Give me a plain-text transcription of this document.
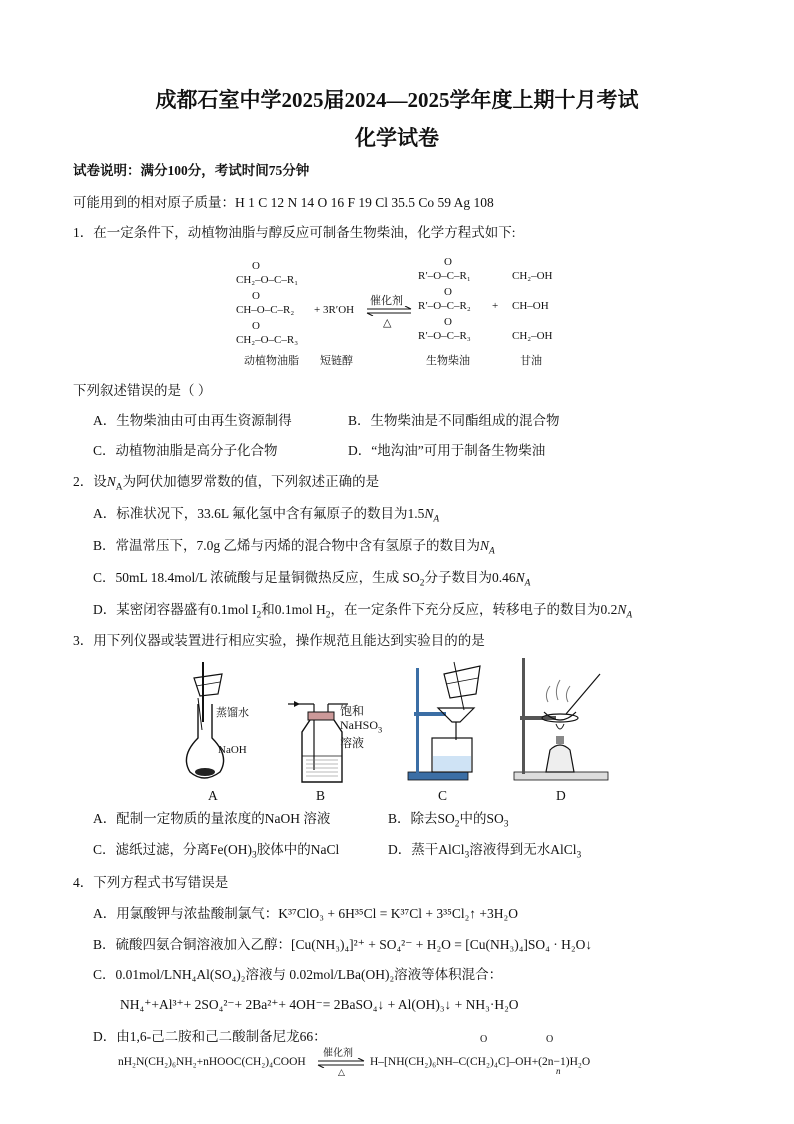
成都石室中学2025届2024—2025学年度上期十月考试
化学试卷
试卷说明：满分100分，考试时间75分钟
可能用到的相对原子质量：H 1 C 12 N 14 O 16 F 19 Cl 35.5 Co 59 Ag 108
1．在一定条件下，动植物油脂与醇反应可制备生物柴油，化学方程式如下:
O
CH₂–O–C–R₁
O
CH–O–C–R₂
O
CH₂–O–C–R₃
+ 3R′OH
催化剂
△
O
R′–O–C–R₁
O
R′–O–C–R₂
O
R′–O–C–R₃
+
CH₂–OH
CH–OH
CH₂–OH
动植物油脂 短链醇	生物柴油	甘油
下列叙述错误的是（ ）
A．生物柴油由可由再生资源制得	B．生物柴油是不同酯组成的混合物
C．动植物油脂是高分子化合物	D．“地沟油”可用于制备生物柴油
2．设$N_A$为阿伏加德罗常数的值，下列叙述正确的是
A．标准状况下，33.6L 氟化氢中含有氟原子的数目为$1.5N_A$
B．常温常压下，7.0g 乙烯与丙烯的混合物中含有氢原子的数目为$N_A$
C．50mL 18.4mol/L 浓硫酸与足量铜微热反应，生成 $SO_2$分子数目为$0.46N_A$
D．某密闭容器盛有0.1mol $I_2$和0.1mol $H_2$，在一定条件下充分反应，转移电子的数目为$0.2N_A$
3．用下列仪器或装置进行相应实验，操作规范且能达到实验目的的是
蒸馏水
NaOH
A
饱和
NaHSO$_3$
溶液
B	C	D
A．配制一定物质的量浓度的NaOH 溶液	B．除去$SO_2$中的$SO_3$
C．滤纸过滤，分离$Fe(OH)_3$胶体中的NaCl	D．蒸干AlCl$_3$溶液得到无水AlCl$_3$
4．下列方程式书写错误是
A．用氯酸钾与浓盐酸制氯气：K³⁷ClO₃ + 6H³⁵Cl = K³⁷Cl + 3³⁵Cl₂↑ +3H₂O
B．硫酸四氨合铜溶液加入乙醇：[Cu(NH₃)₄]²⁺ + SO₄²⁻ + H₂O = [Cu(NH₃)₄]SO₄ · H₂O↓
C．0.01mol/LNH₄Al(SO₄)₂溶液与 0.02mol/LBa(OH)₂溶液等体积混合：
NH₄⁺+Al³⁺+ 2SO₄²⁻+ 2Ba²⁺+ 4OH⁻= 2BaSO₄↓ + Al(OH)₃↓ + NH₃·H₂O
D．由1,6-己二胺和己二酸制备尼龙66：
nH₂N(CH₂)₆NH₂+nHOOC(CH₂)₄COOH
催化剂
△
H‒[NH(CH₂)₆NH‒C(CH₂)₄C]‒OH+(2n−1)H₂O
O	O
n
